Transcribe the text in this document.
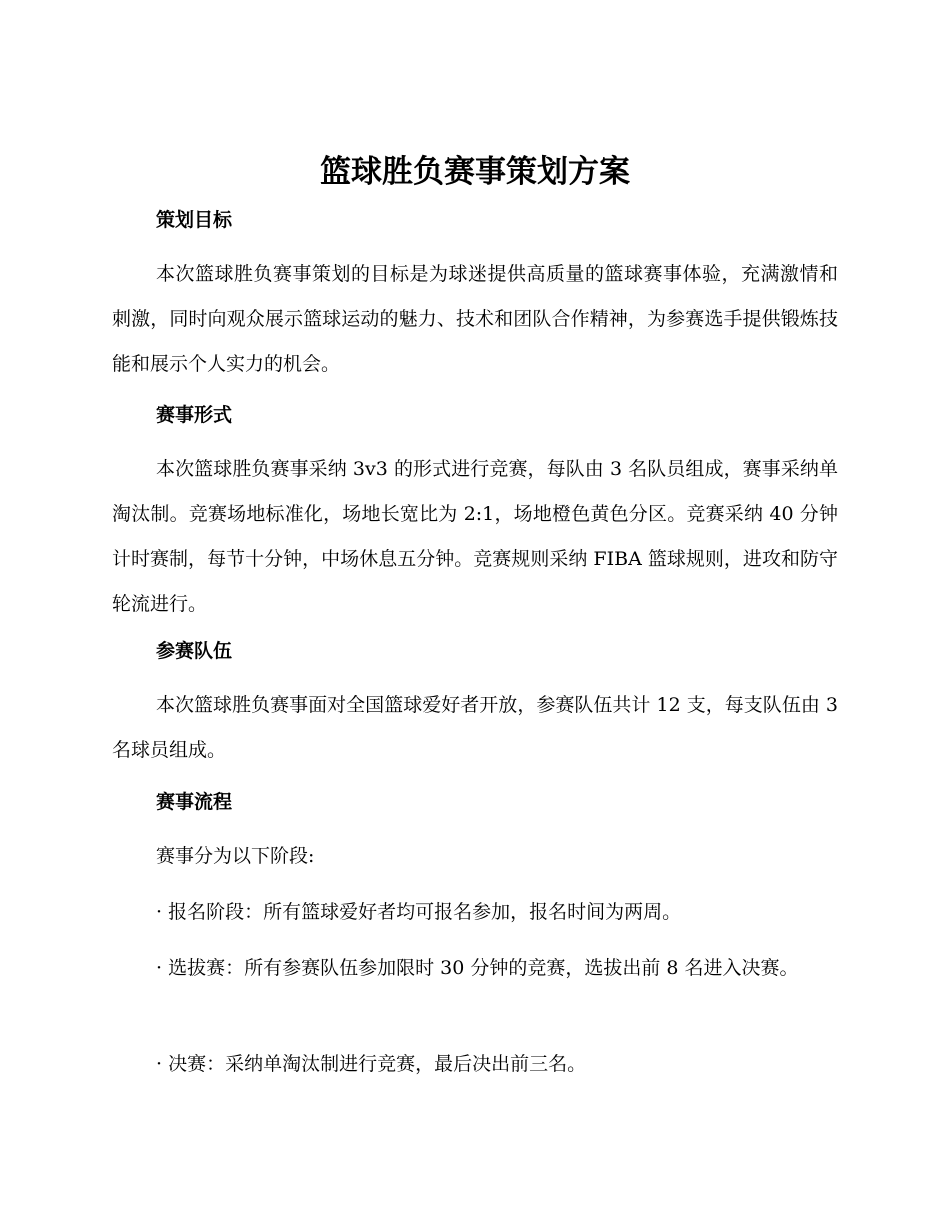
篮球胜负赛事策划方案
策划目标

本次篮球胜负赛事策划的目标是为球迷提供高质量的篮球赛事体验，充满激情和刺激，同时向观众展示篮球运动的魅力、技术和团队合作精神，为参赛选手提供锻炼技能和展示个人实力的机会。

赛事形式

本次篮球胜负赛事采纳 3v3 的形式进行竞赛，每队由 3 名队员组成，赛事采纳单淘汰制。竞赛场地标准化，场地长宽比为 2:1，场地橙色黄色分区。竞赛采纳 40 分钟计时赛制，每节十分钟，中场休息五分钟。竞赛规则采纳 FIBA 篮球规则，进攻和防守轮流进行。

参赛队伍

本次篮球胜负赛事面对全国篮球爱好者开放，参赛队伍共计 12 支，每支队伍由 3 名球员组成。

赛事流程

赛事分为以下阶段:

· 报名阶段：所有篮球爱好者均可报名参加，报名时间为两周。

· 选拔赛：所有参赛队伍参加限时 30 分钟的竞赛，选拔出前 8 名进入决赛。

· 决赛：采纳单淘汰制进行竞赛，最后决出前三名。
